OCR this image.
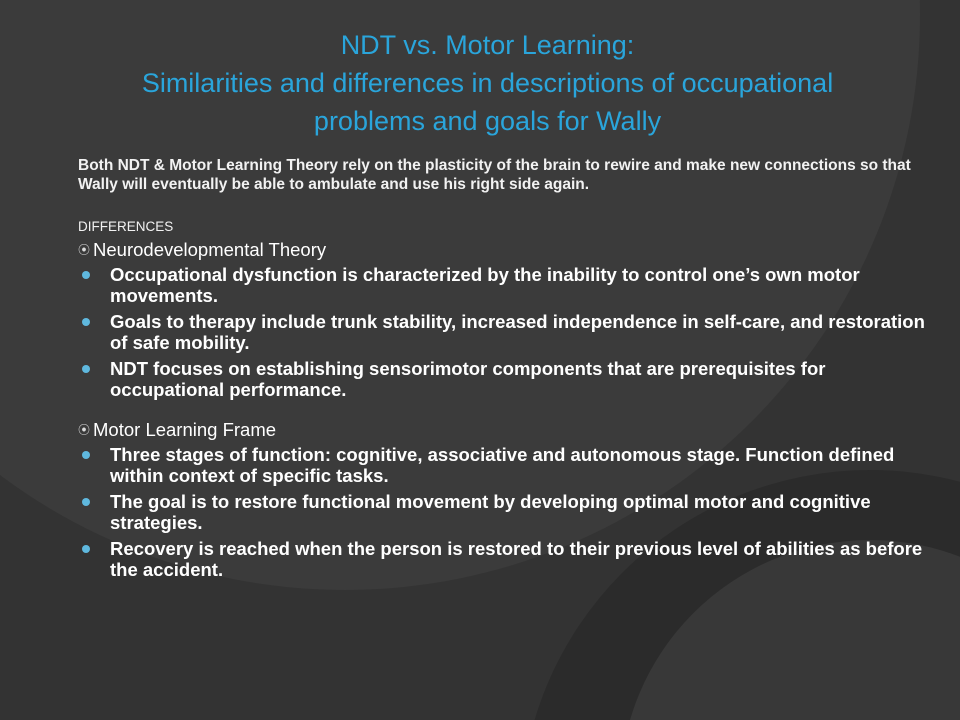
NDT vs. Motor Learning:
Similarities and differences in descriptions of occupational
problems and goals for Wally

Both NDT & Motor Learning Theory rely on the plasticity of the brain to rewire and make new connections so that Wally will eventually be able to ambulate and use his right side again.

DIFFERENCES

⦿ Neurodevelopmental Theory
Occupational dysfunction is characterized by the inability to control one’s own motor movements.
Goals to therapy include trunk stability, increased independence in self-care, and restoration of safe mobility.
NDT focuses on establishing sensorimotor components that are prerequisites for occupational performance.
⦿ Motor Learning Frame
Three stages of function: cognitive, associative and autonomous stage. Function defined within context of specific tasks.
The goal is to restore functional movement by developing optimal motor and cognitive strategies.
Recovery is reached when the person is restored to their previous level of abilities as before the accident.
